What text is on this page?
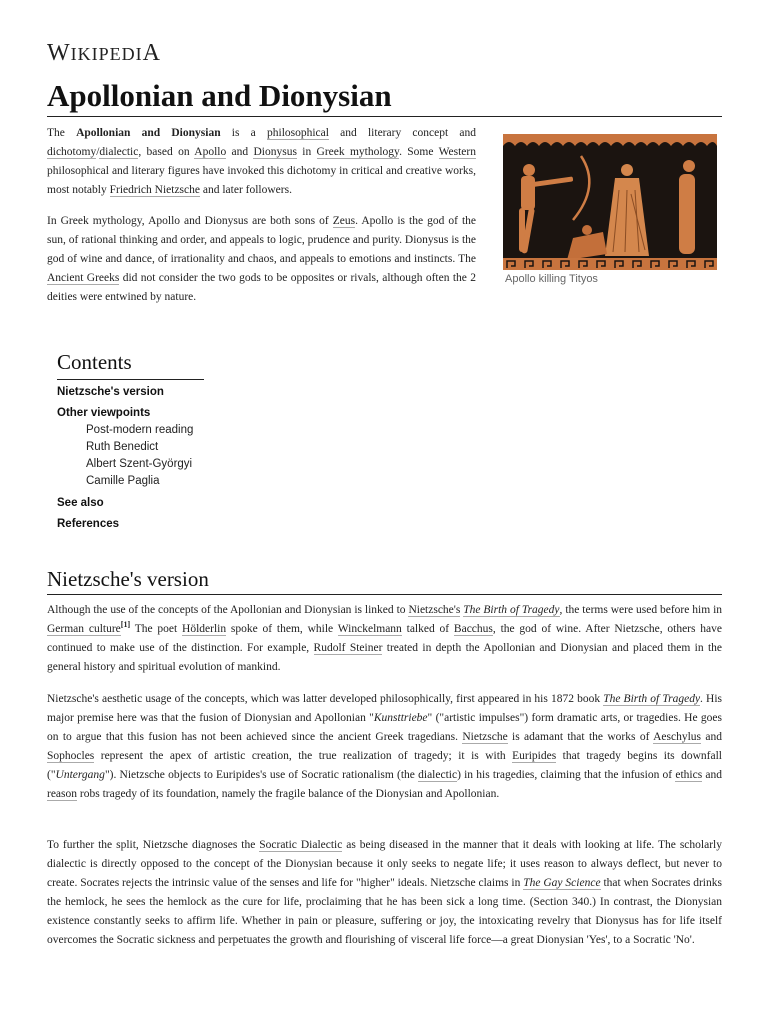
WIKIPEDIA
Apollonian and Dionysian

The Apollonian and Dionysian is a philosophical and literary concept and dichotomy/dialectic, based on Apollo and Dionysus in Greek mythology. Some Western philosophical and literary figures have invoked this dichotomy in critical and creative works, most notably Friedrich Nietzsche and later followers.

In Greek mythology, Apollo and Dionysus are both sons of Zeus. Apollo is the god of the sun, of rational thinking and order, and appeals to logic, prudence and purity. Dionysus is the god of wine and dance, of irrationality and chaos, and appeals to emotions and instincts. The Ancient Greeks did not consider the two gods to be opposites or rivals, although often the 2 deities were entwined by nature.

Apollo killing Tityos
Contents
Nietzsche's version
Other viewpoints
Post-modern reading
Ruth Benedict
Albert Szent-Györgyi
Camille Paglia
See also
References
Nietzsche's version

Although the use of the concepts of the Apollonian and Dionysian is linked to Nietzsche's The Birth of Tragedy, the terms were used before him in German culture[1] The poet Hölderlin spoke of them, while Winckelmann talked of Bacchus, the god of wine. After Nietzsche, others have continued to make use of the distinction. For example, Rudolf Steiner treated in depth the Apollonian and Dionysian and placed them in the general history and spiritual evolution of mankind.

Nietzsche's aesthetic usage of the concepts, which was latter developed philosophically, first appeared in his 1872 book The Birth of Tragedy. His major premise here was that the fusion of Dionysian and Apollonian "Kunsttriebe" ("artistic impulses") form dramatic arts, or tragedies. He goes on to argue that this fusion has not been achieved since the ancient Greek tragedians. Nietzsche is adamant that the works of Aeschylus and Sophocles represent the apex of artistic creation, the true realization of tragedy; it is with Euripides that tragedy begins its downfall ("Untergang"). Nietzsche objects to Euripides's use of Socratic rationalism (the dialectic) in his tragedies, claiming that the infusion of ethics and reason robs tragedy of its foundation, namely the fragile balance of the Dionysian and Apollonian.

To further the split, Nietzsche diagnoses the Socratic Dialectic as being diseased in the manner that it deals with looking at life. The scholarly dialectic is directly opposed to the concept of the Dionysian because it only seeks to negate life; it uses reason to always deflect, but never to create. Socrates rejects the intrinsic value of the senses and life for "higher" ideals. Nietzsche claims in The Gay Science that when Socrates drinks the hemlock, he sees the hemlock as the cure for life, proclaiming that he has been sick a long time. (Section 340.) In contrast, the Dionysian existence constantly seeks to affirm life. Whether in pain or pleasure, suffering or joy, the intoxicating revelry that Dionysus has for life itself overcomes the Socratic sickness and perpetuates the growth and flourishing of visceral life force—a great Dionysian 'Yes', to a Socratic 'No'.
